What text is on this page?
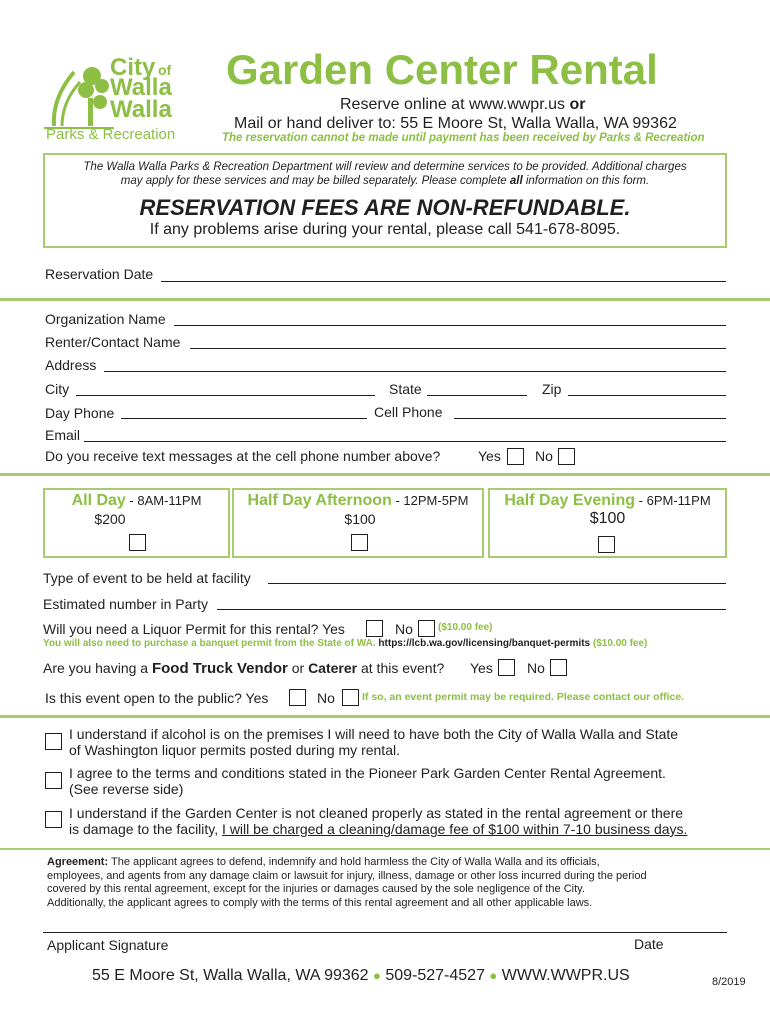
City of
Walla
Walla
Parks & Recreation
Garden Center Rental
Reserve online at www.wwpr.us or
Mail or hand deliver to: 55 E Moore St, Walla Walla, WA 99362
The reservation cannot be made until payment has been received by Parks & Recreation
The Walla Walla Parks & Recreation Department will review and determine services to be provided. Additional charges
may apply for these services and may be billed separately. Please complete all information on this form.
RESERVATION FEES ARE NON-REFUNDABLE.
If any problems arise during your rental, please call 541-678-8095.
Reservation Date
Organization Name
Renter/Contact Name
Address
City	State	Zip
Day Phone	Cell Phone
Email
Do you receive text messages at the cell phone number above?	Yes No
All Day - 8AM-11PM
$200
Half Day Afternoon - 12PM-5PM
$100
Half Day Evening - 6PM-11PM
$100
Type of event to be held at facility
Estimated number in Party
Will you need a Liquor Permit for this rental? Yes	No	($10.00 fee)
You will also need to purchase a banquet permit from the State of WA. https://lcb.wa.gov/licensing/banquet-permits ($10.00 fee)
Are you having a Food Truck Vendor or Caterer at this event? Yes No
Is this event open to the public? Yes	No	If so, an event permit may be required. Please contact our office.
I understand if alcohol is on the premises I will need to have both the City of Walla Walla and State
of Washington liquor permits posted during my rental.
I agree to the terms and conditions stated in the Pioneer Park Garden Center Rental Agreement.
(See reverse side)
I understand if the Garden Center is not cleaned properly as stated in the rental agreement or there
is damage to the facility, I will be charged a cleaning/damage fee of $100 within 7-10 business days.
Agreement: The applicant agrees to defend, indemnify and hold harmless the City of Walla Walla and its officials,
employees, and agents from any damage claim or lawsuit for injury, illness, damage or other loss incurred during the period
covered by this rental agreement, except for the injuries or damages caused by the sole negligence of the City.
Additionally, the applicant agrees to comply with the terms of this rental agreement and all other applicable laws.
Applicant Signature	Date
55 E Moore St, Walla Walla, WA 99362 ● 509-527-4527 ● WWW.WWPR.US	8/2019
